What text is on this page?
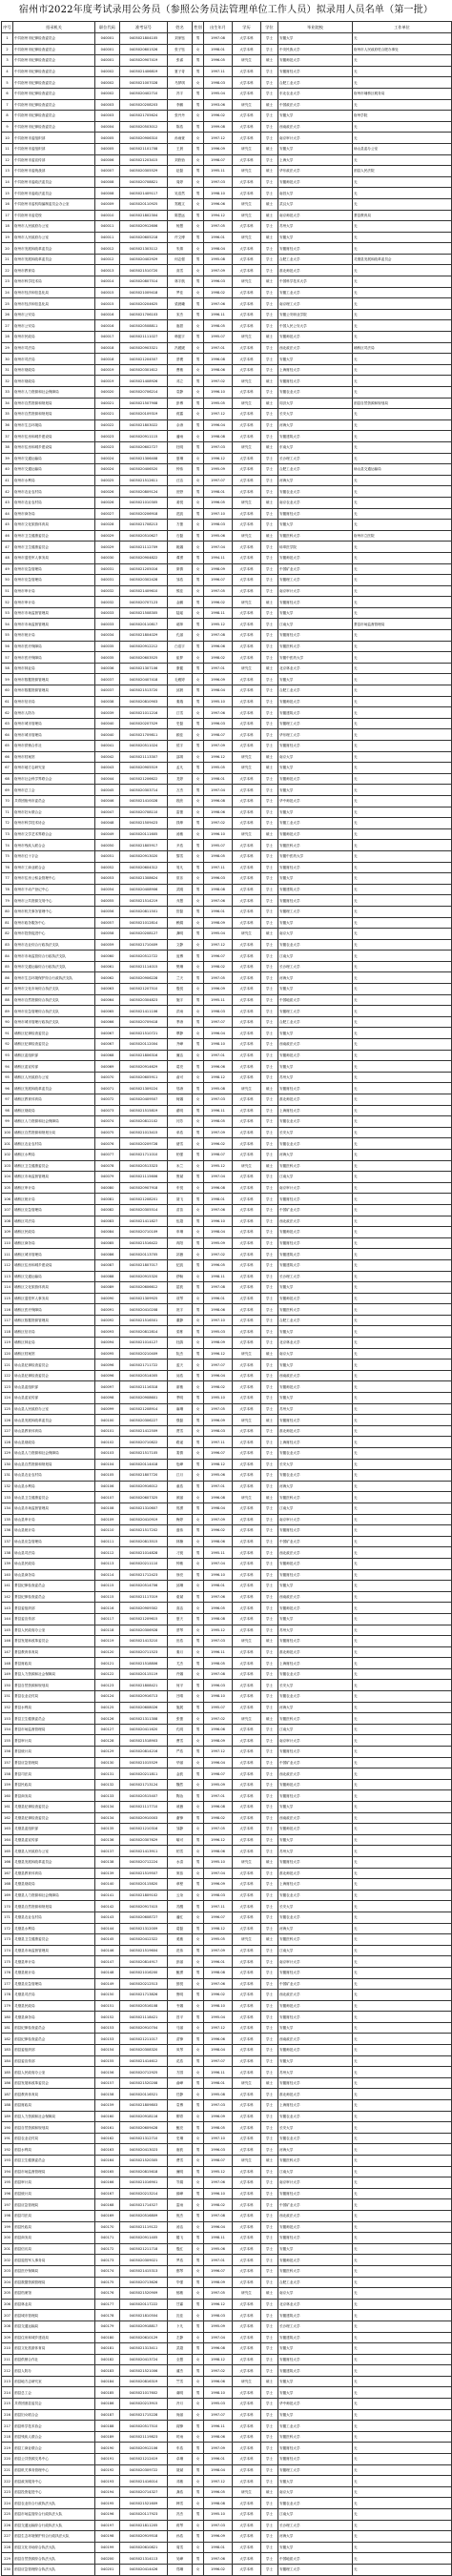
宿州市2022年度考试录用公务员（参照公务员法管理单位工作人员）拟录用人员名单（第一批）
序号	招录机关	职位代码	准考证号	姓名	性别	出生年月	学历	学位	毕业院校	工作单位
1	中共宿州市纪律检查委员会	040001	0405021804105	刘家钰	男	1997.08	大学本科	学士	安徽大学	无
2	中共宿州市纪律检查委员会	040001	0405020601526	张子钰	女	1998.01	大学本科	学士	中央民族大学	宿州市人民政府驻合肥办事处
3	中共宿州市纪律检查委员会	040001	0405020907419	张睿	男	1996.05	研究生	硕士	安徽师范大学	无
4	中共宿州市纪律检查委员会	040002	0405021406819	夏子奇	男	1997.11	大学本科	学士	安徽财经大学	无
5	中共宿州市纪律检查委员会	040002	0405021007028	马梦琪	女	1998.03	大学本科	学士	合肥工业大学	无
6	中共宿州市纪律检查委员会	040002	0405020402710	冯宇	男	1995.04	大学本科	学士	东北农业大学	宿州市埇桥区税务局
7	中共宿州市纪律检查委员会	040003	0405020208203	李鹏	男	1993.06	研究生	硕士	中国政法大学	无
8	中共宿州市纪律检查委员会	040003	0405021705624	张丹丹	女	1996.02	大学本科	学士	安徽大学	宿州学院
9	中共宿州市纪律检查委员会	040004	0405020503012	陈浩	男	1999.08	大学本科	学士	西南政法大学	无
10	中共宿州市委组织部	040005	0405020906310	孙雨萱	女	1997.12	大学本科	学士	南京审计大学	无
11	中共宿州市委组织部	040005	0405021101708	王晨	男	1996.09	研究生	硕士	安徽大学	砀山县委办公室
12	中共宿州市委宣传部	040006	0405021203415	刘欣怡	女	1998.07	大学本科	学士	上海大学	无
13	中共宿州市委统战部	040007	0405020305529	赵磊	男	1995.11	研究生	硕士	华东政法大学	泗县人民法院
14	中共宿州市委政法委员会	040008	0405020708821	周婷	女	1997.03	大学本科	学士	安徽师范大学	无
15	中共宿州市委政法委员会	040008	0405021409117	吴浩然	男	1998.10	大学本科	学士	南昌大学	无
16	中共宿州市委机构编制委员会办公室	040009	0405020110925	郑雅文	女	1996.06	研究生	硕士	武汉大学	无
17	中共宿州市委党校	040010	0405021802304	陈思远	男	1994.12	研究生	硕士	南京师范大学	萧县教育局
18	宿州市人民政府办公室	040011	0405020912606	杨慧	女	1997.05	大学本科	学士	苏州大学	无
19	宿州市人民政府办公室	040011	0405020605218	许文博	男	1996.01	研究生	硕士	安徽大学	无
20	宿州市发展和改革委员会	040012	0405021303112	朱婧	女	1998.04	大学本科	学士	安徽财经大学	无
21	宿州市发展和改革委员会	040012	0405020402929	何志强	男	1995.08	大学本科	学士	合肥工业大学	灵璧县发展和改革委员会
22	宿州市教育局	040013	0405021510720	高雪	女	1997.09	大学本科	学士	淮北师范大学	无
23	宿州市科学技术局	040014	0405020807514	林宇航	男	1996.03	研究生	硕士	中国科学技术大学	无
24	宿州市经济和信息化局	040015	0405021009418	罗佳	女	1998.02	大学本科	学士	安徽工业大学	无
25	宿州市经济和信息化局	040015	0405020204625	梁晨曦	男	1997.06	大学本科	学士	南京理工大学	无
26	宿州市公安局	040016	0405021706103	宋杰	男	1996.11	大学本科	学士	安徽公安职业学院	无
27	宿州市公安局	040016	0405020508811	唐甜	女	1998.05	大学本科	学士	中国人民公安大学	无
28	宿州市民政局	040017	0405021111027	韩振宇	男	1995.07	研究生	硕士	安徽师范大学	无
29	宿州市司法局	040018	0405020903321	冯媛媛	女	1997.01	大学本科	学士	西北政法大学	埇桥区司法局
30	宿州市司法局	040018	0405021204507	蔡俊	男	1996.08	大学本科	学士	安徽大学	无
31	宿州市财政局	040019	0405020301612	曹敏	女	1998.06	大学本科	学士	上海财经大学	无
32	宿州市财政局	040019	0405021408926	邓立	男	1997.02	研究生	硕士	安徽财经大学	无
33	宿州市人力资源和社会保障局	040020	0405020706214	袁静	女	1996.10	大学本科	学士	安徽农业大学	无
34	宿州市自然资源和规划局	040021	0405021507908	彭博	男	1995.05	研究生	硕士	同济大学	泗县自然资源和规划局
35	宿州市自然资源和规划局	040021	0405020109319	蒋露	女	1997.12	大学本科	学士	长安大学	无
36	宿州市生态环境局	040022	0405021803022	余涛	男	1996.04	大学本科	学士	河海大学	无
37	宿州市住房和城乡建设局	040023	0405020911115	潘雨	女	1998.08	大学本科	学士	安徽建筑大学	无
38	宿州市住房和城乡建设局	040023	0405020602727	杜明	男	1997.03	研究生	硕士	东南大学	无
39	宿州市交通运输局	040024	0405021306408	夏琳	女	1996.12	大学本科	学士	长沙理工大学	无
40	宿州市交通运输局	040024	0405020406520	钟伟	男	1995.09	大学本科	学士	合肥工业大学	砀山县交通运输局
41	宿州市水利局	040025	0405021512611	汪洁	女	1997.07	大学本科	学士	河海大学	无
42	宿州市农业农村局	040026	0405020809124	田野	男	1998.01	大学本科	学士	安徽农业大学	无
43	宿州市农业农村局	040026	0405021010305	姜悦	女	1996.05	研究生	硕士	南京农业大学	无
44	宿州市商务局	040027	0405020206918	范凯	男	1997.10	大学本科	学士	安徽财经大学	无
45	宿州市文化旅游体育局	040028	0405021708213	方蕾	女	1998.03	大学本科	学士	安徽大学	无
46	宿州市卫生健康委员会	040029	0405020510627	石磊	男	1995.06	研究生	硕士	安徽医科大学	宿州市立医院
47	宿州市卫生健康委员会	040029	0405021112709	姚娜	女	1997.04	大学本科	学士	蚌埠医学院	无
48	宿州市退役军人事务局	040030	0405020904822	谭勇	男	1994.11	大学本科	学士	安徽师范大学	无
49	宿州市应急管理局	040031	0405021205016	廖倩	女	1998.09	大学本科	学士	中国矿业大学	无
50	宿州市应急管理局	040031	0405020302428	邹浩	男	1996.07	大学本科	学士	安徽理工大学	无
51	宿州市审计局	040032	0405021409610	熊佳	女	1997.05	大学本科	学士	南京审计大学	无
52	宿州市审计局	040032	0405020707123	金鹏	男	1996.02	研究生	硕士	安徽财经大学	无
53	宿州市市场监督管理局	040033	0405021508305	陆瑶	女	1998.11	大学本科	学士	安徽大学	无
54	宿州市市场监督管理局	040033	0405020110817	郝帅	男	1995.12	大学本科	学士	江南大学	萧县市场监督管理局
55	宿州市统计局	040034	0405021804029	孔丽	女	1997.08	大学本科	学士	安徽财经大学	无
56	宿州市医疗保障局	040035	0405020912212	白浩宇	男	1996.06	大学本科	学士	安徽医科大学	无
57	宿州市医疗保障局	040035	0405020603525	崔梦	女	1998.02	大学本科	学士	安徽中医药大学	无
58	宿州市林业局	040036	0405021307106	康健	男	1997.01	研究生	硕士	北京林业大学	无
59	宿州市数据资源管理局	040037	0405020407418	毛雅婷	女	1996.09	大学本科	学士	安徽大学	无
60	宿州市数据资源管理局	040037	0405021513720	邱晨	男	1998.04	大学本科	学士	合肥工业大学	无
61	宿州市信访局	040038	0405020810903	秦瑞	男	1995.10	大学本科	学士	安徽师范大学	无
62	宿州市人防办	040039	0405021011216	江雪	女	1997.06	大学本科	学士	安徽建筑大学	无
63	宿州市城市管理局	040040	0405020207529	史磊	男	1996.03	大学本科	学士	安徽理工大学	无
64	宿州市城市管理局	040040	0405021709811	顾佳	女	1998.07	大学本科	学士	华东理工大学	无
65	宿州市供销合作社	040041	0405020511024	侯宇	男	1997.09	大学本科	学士	安徽财经大学	无
66	宿州市档案馆	040042	0405021113307	邵琪	女	1996.12	研究生	硕士	南京大学	无
67	宿州市地方志研究室	040043	0405020905519	孟凡	男	1995.05	研究生	硕士	安徽大学	无
68	宿州市社会科学界联合会	040044	0405021206622	龙婷	女	1998.01	大学本科	学士	安徽师范大学	无
69	宿州市总工会	040045	0405020303714	万杰	男	1997.04	大学本科	学士	安徽大学	无
70	共青团宿州市委员会	040046	0405021410028	段欣	女	1996.08	大学本科	学士	华中师范大学	无
71	宿州市妇女联合会	040047	0405020708110	雷蕾	女	1998.06	大学本科	学士	安徽大学	无
72	宿州市科学技术协会	040048	0405021509423	钱坤	男	1997.02	大学本科	学士	安徽工业大学	无
73	宿州市文学艺术界联合会	040049	0405020111605	汤敏	女	1996.10	研究生	硕士	安徽师范大学	无
74	宿州市残疾人联合会	040050	0405021805917	尹浩	男	1995.07	大学本科	学士	安徽医科大学	无
75	宿州市红十字会	040051	0405020913020	黎雪	女	1998.05	大学本科	学士	安徽中医药大学	无
76	宿州市工商业联合会	040052	0405020604312	易凡	男	1997.11	大学本科	学士	安徽财经大学	无
77	宿州市住房公积金管理中心	040053	0405021308624	常乐	女	1996.03	大学本科	学士	安徽大学	无
78	宿州市不动产登记中心	040054	0405020408906	武刚	男	1998.08	大学本科	学士	安徽建筑大学	无
79	宿州市公共资源交易中心	040055	0405021514219	乔慧	女	1997.06	大学本科	学士	安徽财经大学	无
80	宿州市机关事务管理中心	040056	0405020811501	贺磊	男	1996.01	大学本科	学士	安徽理工大学	无
81	宿州市政务服务中心	040057	0405021012814	赖娟	女	1998.09	大学本科	学士	安徽大学	无
82	宿州市投资促进中心	040058	0405020208127	龚明	男	1995.04	研究生	硕士	南京大学	无
83	宿州市农业综合行政执法支队	040059	0405021710409	文静	女	1997.12	大学本科	学士	安徽农业大学	无
84	宿州市市场监管综合行政执法支队	040060	0405020512722	庞博	男	1996.07	大学本科	学士	江南大学	无
85	宿州市交通运输综合行政执法支队	040061	0405021114015	樊琳	女	1998.02	大学本科	学士	长沙理工大学	无
86	宿州市生态环境保护综合行政执法支队	040062	0405020906228	兰天	男	1997.05	大学本科	学士	河海大学	无
87	宿州市文化市场综合执法支队	040063	0405021207510	殷悦	女	1996.09	大学本科	学士	安徽大学	无
88	宿州市自然资源综合执法支队	040064	0405020304823	施宇	男	1995.11	大学本科	学士	中国地质大学	无
89	宿州市应急管理综合执法支队	040065	0405021411106	洪雨	女	1998.03	大学本科	学士	安徽理工大学	无
90	宿州市城市管理行政执法支队	040066	0405020709418	季涛	男	1997.07	大学本科	学士	合肥工业大学	无
91	埇桥区纪律检查委员会	040067	0405021510721	覃静	女	1996.04	大学本科	学士	安徽大学	无
92	埇桥区纪律检查委员会	040067	0405020112004	齐峰	男	1998.10	大学本科	学士	西南政法大学	无
93	埇桥区委组织部	040068	0405021806316	廉洁	女	1997.01	大学本科	学士	安徽师范大学	无
94	埇桥区委宣传部	040069	0405020914629	葛亮	男	1996.06	大学本科	学士	安徽大学	无
95	埇桥区人民政府办公室	040070	0405020605911	俞可	女	1998.12	大学本科	学士	苏州大学	无
96	埇桥区发展和改革委员会	040071	0405021309224	邬涛	男	1995.08	研究生	硕士	安徽财经大学	无
97	埇桥区教育体育局	040072	0405020409507	柯娜	女	1997.03	大学本科	学士	淮北师范大学	无
98	埇桥区财政局	040073	0405021515819	翟明	男	1996.11	大学本科	学士	上海财经大学	无
99	埇桥区人力资源和社会保障局	040074	0405020812102	闫芳	女	1998.05	大学本科	学士	安徽农业大学	无
100	埇桥区自然资源和规划分局	040075	0405021013415	单浩	男	1997.09	大学本科	学士	长安大学	无
101	埇桥区农业农村局	040076	0405020209728	褚雪	女	1996.02	大学本科	学士	安徽农业大学	无
102	埇桥区水利局	040077	0405021711010	柏强	男	1998.07	大学本科	学士	河海大学	无
103	埇桥区卫生健康委员会	040078	0405020513323	米兰	女	1995.12	研究生	硕士	安徽医科大学	无
104	埇桥区市场监督管理局	040079	0405021115606	鲁斌	男	1997.04	大学本科	学士	江南大学	无
105	埇桥区审计局	040080	0405020907918	车悦	女	1996.08	大学本科	学士	南京审计大学	无
106	埇桥区统计局	040081	0405021208201	聂飞	男	1998.01	大学本科	学士	安徽财经大学	无
107	埇桥区应急管理局	040082	0405020305514	苗苗	女	1997.06	大学本科	学士	中国矿业大学	无
108	埇桥区司法局	040083	0405021411827	伍超	男	1996.10	大学本科	学士	西北政法大学	无
109	埇桥区民政局	040084	0405020710109	申琳	女	1998.04	大学本科	学士	安徽师范大学	无
110	埇桥区商务局	040085	0405021516422	冉阳	男	1995.09	大学本科	学士	安徽财经大学	无
111	埇桥区城市管理局	040086	0405020113705	祁薇	女	1997.02	大学本科	学士	安徽建筑大学	无
112	埇桥区住房和城乡建设局	040087	0405021807017	纪凯	男	1996.05	大学本科	学士	安徽建筑大学	无
113	埇桥区交通运输局	040088	0405020915320	舒畅	女	1998.11	大学本科	学士	长沙理工大学	无
114	埇桥区文化旅游体育局	040089	0405020606612	屈波	男	1997.08	大学本科	学士	安徽大学	无
115	埇桥区退役军人事务局	040090	0405021309925	项琴	女	1996.01	大学本科	学士	安徽师范大学	无
116	埇桥区医疗保障局	040091	0405020410208	祝宇	男	1998.06	大学本科	学士	安徽医科大学	无
117	埇桥区数据资源管理局	040092	0405021516501	董静	女	1997.10	大学本科	学士	合肥工业大学	无
118	埇桥区信访局	040093	0405020812814	梁栋	男	1995.03	大学本科	学士	安徽大学	无
119	埇桥区林业局	040094	0405021014127	杜鹃	女	1998.09	大学本科	学士	北京林业大学	无
120	埇桥区档案馆	040095	0405020210409	阮杰	男	1996.12	研究生	硕士	南京大学	无
121	砀山县纪律检查委员会	040096	0405021711722	蓝天	女	1997.07	大学本科	学士	安徽大学	无
122	砀山县纪律检查委员会	040096	0405020514005	闵浩	男	1996.04	大学本科	学士	西南政法大学	无
123	砀山县委组织部	040097	0405021116318	席敏	女	1998.02	大学本科	学士	安徽师范大学	无
124	砀山县委宣传部	040098	0405020908601	季明	男	1995.10	大学本科	学士	安徽大学	无
125	砀山县人民政府办公室	040099	0405021208914	麻琳	女	1997.05	大学本科	学士	苏州大学	无
126	砀山县发展和改革委员会	040100	0405020306227	强磊	男	1996.09	研究生	硕士	安徽财经大学	无
127	砀山县教育体育局	040101	0405021412509	贾雪	女	1998.03	大学本科	学士	淮北师范大学	无
128	砀山县财政局	040102	0405020710822	路遥	男	1997.11	大学本科	学士	上海财经大学	无
129	砀山县人力资源和社会保障局	040103	0405021517105	娄倩	女	1996.07	大学本科	学士	安徽农业大学	无
130	砀山县自然资源和规划局	040104	0405020114418	危峰	男	1998.12	大学本科	学士	长安大学	无
131	砀山县农业农村局	040105	0405021807720	江月	女	1995.06	大学本科	学士	安徽农业大学	无
132	砀山县水利局	040106	0405020916012	童浩	男	1997.01	大学本科	学士	河海大学	无
133	砀山县卫生健康委员会	040107	0405020607325	颜丽	女	1996.08	研究生	硕士	安徽医科大学	无
134	砀山县市场监督管理局	040108	0405021310607	郭勇	男	1998.04	大学本科	学士	江南大学	无
135	砀山县审计局	040109	0405020410919	梅婷	女	1997.09	大学本科	学士	南京审计大学	无
136	砀山县统计局	040110	0405021517202	盛伟	男	1996.02	大学本科	学士	安徽财经大学	无
137	砀山县应急管理局	040111	0405020813515	林楠	女	1998.06	大学本科	学士	中国矿业大学	无
138	砀山县司法局	040112	0405021014828	刁锐	男	1995.11	大学本科	学士	西北政法大学	无
139	砀山县民政局	040113	0405020211110	钟敏	女	1997.04	大学本科	学士	安徽师范大学	无
140	砀山县商务局	040114	0405021712423	徐亮	男	1996.10	大学本科	学士	安徽财经大学	无
141	萧县纪律检查委员会	040115	0405020514706	邱琳	女	1998.01	大学本科	学士	安徽大学	无
142	萧县纪律检查委员会	040115	0405021117019	骆斌	男	1997.06	大学本科	学士	西南政法大学	无
143	萧县委组织部	040116	0405020909302	高洁	女	1996.05	大学本科	学士	安徽师范大学	无
144	萧县委宣传部	040117	0405021209615	夏天	男	1998.08	大学本科	学士	安徽大学	无
145	萧县人民政府办公室	040118	0405020306928	蔡琴	女	1995.12	大学本科	学士	苏州大学	无
146	萧县发展和改革委员会	040119	0405021413210	田浩	男	1997.03	研究生	硕士	安徽财经大学	无
147	萧县教育体育局	040120	0405020711523	秦月	女	1996.11	大学本科	学士	淮北师范大学	无
148	萧县财政局	040121	0405021518806	尤杰	男	1998.05	大学本科	学士	上海财经大学	无
149	萧县人力资源和社会保障局	040122	0405020115119	许娜	女	1997.08	大学本科	学士	安徽农业大学	无
150	萧县自然资源和规划局	040123	0405021808421	何平	男	1996.03	大学本科	学士	长安大学	无
151	萧县农业农村局	040124	0405020916713	吕晴	女	1998.10	大学本科	学士	安徽农业大学	无
152	萧县水利局	040125	0405020608026	施展	男	1995.07	大学本科	学士	河海大学	无
153	萧县卫生健康委员会	040126	0405021311308	张蕾	女	1997.02	研究生	硕士	安徽医科大学	无
154	萧县市场监督管理局	040127	0405020411620	孔明	男	1996.06	大学本科	学士	江南大学	无
155	萧县审计局	040128	0405021518903	曹雪	女	1998.09	大学本科	学士	南京审计大学	无
156	萧县统计局	040129	0405020814216	严浩	男	1997.12	大学本科	学士	安徽财经大学	无
157	萧县应急管理局	040130	0405021015529	华丽	女	1996.04	大学本科	学士	中国矿业大学	无
158	萧县司法局	040131	0405020211811	金波	男	1998.07	大学本科	学士	西北政法大学	无
159	萧县民政局	040132	0405021713124	魏然	女	1995.09	大学本科	学士	安徽师范大学	无
160	萧县商务局	040133	0405020515407	陶冶	男	1997.01	大学本科	学士	安徽财经大学	无
161	灵璧县纪律检查委员会	040134	0405021117710	戚薇	女	1996.08	大学本科	学士	安徽大学	无
162	灵璧县纪律检查委员会	040134	0405020910003	谢锋	男	1998.02	大学本科	学士	西南政法大学	无
163	灵璧县委组织部	040135	0405021210316	邹静	女	1997.05	大学本科	学士	安徽师范大学	无
164	灵璧县委宣传部	040136	0405020307629	喻可	男	1996.12	大学本科	学士	安徽大学	无
165	灵璧县人民政府办公室	040137	0405021413911	柏雪	女	1998.06	大学本科	学士	苏州大学	无
166	灵璧县发展和改革委员会	040138	0405020712224	水清	男	1995.10	研究生	硕士	安徽财经大学	无
167	灵璧县教育体育局	040139	0405021519507	窦蕊	女	1997.04	大学本科	学士	淮北师范大学	无
168	灵璧县财政局	040140	0405020115820	章程	男	1996.09	大学本科	学士	上海财经大学	无
169	灵璧县人力资源和社会保障局	040141	0405021809102	云朵	女	1998.03	大学本科	学士	安徽农业大学	无
170	灵璧县自然资源和规划局	040142	0405020917415	苏醒	男	1997.11	大学本科	学士	长安大学	无
171	灵璧县农业农村局	040143	0405020608727	潘红	女	1996.07	大学本科	学士	安徽农业大学	无
172	灵璧县水利局	040144	0405021312009	葛磊	男	1998.12	大学本科	学士	河海大学	无
173	灵璧县卫生健康委员会	040145	0405020412322	奚敏	女	1995.05	研究生	硕士	安徽医科大学	无
174	灵璧县市场监督管理局	040146	0405021519604	范伟	男	1997.09	大学本科	学士	江南大学	无
175	灵璧县审计局	040147	0405020814917	彭丽	女	1996.01	大学本科	学士	南京审计大学	无
176	灵璧县统计局	040148	0405021016200	鲍勇	男	1998.08	大学本科	学士	安徽财经大学	无
177	灵璧县应急管理局	040149	0405020212513	郎悦	女	1997.06	大学本科	学士	中国矿业大学	无
178	灵璧县司法局	040150	0405021713826	鲁明	男	1996.02	大学本科	学士	西北政法大学	无
179	灵璧县民政局	040151	0405020516108	韦娜	女	1998.10	大学本科	学士	安徽师范大学	无
180	灵璧县商务局	040152	0405021118421	昌平	男	1995.04	大学本科	学士	安徽财经大学	无
181	泗县纪律检查委员会	040153	0405020910704	马丽	女	1997.12	大学本科	学士	安徽大学	无
182	泗县纪律检查委员会	040153	0405021211017	苗锋	男	1996.06	大学本科	学士	西南政法大学	无
183	泗县委组织部	040154	0405020308320	凤琴	女	1998.04	大学本科	学士	安徽师范大学	无
184	泗县委宣传部	040155	0405021414612	花浩	男	1997.07	大学本科	学士	安徽大学	无
185	泗县人民政府办公室	040156	0405020712925	方园	女	1996.11	大学本科	学士	苏州大学	无
186	泗县发展和改革委员会	040157	0405021520208	俞峰	男	1998.01	研究生	硕士	安徽财经大学	无
187	泗县教育体育局	040158	0405020116521	任静	女	1995.08	大学本科	学士	淮北师范大学	无
188	泗县财政局	040159	0405021809803	袁博	男	1997.03	大学本科	学士	上海财经大学	无
189	泗县人力资源和社会保障局	040160	0405020918116	柳青	女	1996.09	大学本科	学士	安徽农业大学	无
190	泗县自然资源和规划局	040161	0405020609428	鲍亮	男	1998.05	大学本科	学士	长安大学	无
191	泗县农业农村局	040162	0405021312710	史琳	女	1997.10	大学本科	学士	安徽农业大学	无
192	泗县水利局	040163	0405020413023	唐波	男	1996.03	大学本科	学士	河海大学	无
193	泗县卫生健康委员会	040164	0405021520305	费雪	女	1998.07	研究生	硕士	安徽医科大学	无
194	泗县市场监督管理局	040165	0405020815618	廉明	男	1995.12	大学本科	学士	江南大学	无
195	泗县审计局	040166	0405021016901	岑娟	女	1997.06	大学本科	学士	南京审计大学	无
196	泗县统计局	040167	0405020213214	薛峰	男	1996.10	大学本科	学士	安徽财经大学	无
197	泗县应急管理局	040168	0405021714527	雷雨	女	1998.02	大学本科	学士	中国矿业大学	无
198	泗县司法局	040169	0405020516809	倪杰	男	1997.08	大学本科	学士	西北政法大学	无
199	泗县民政局	040170	0405021119122	汤洁	女	1996.04	大学本科	学士	安徽师范大学	无
200	泗县商务局	040171	0405020911405	滕飞	男	1998.11	大学本科	学士	安徽财经大学	无
201	泗县信访局	040172	0405021211718	殷红	女	1995.06	大学本科	学士	安徽大学	无
202	泗县退役军人事务局	040173	0405020309021	罗浩	男	1997.01	大学本科	学士	安徽师范大学	无
203	泗县医疗保障局	040174	0405021415313	鄢琴	女	1996.07	大学本科	学士	安徽医科大学	无
204	泗县数据资源管理局	040175	0405020713626	毕强	男	1998.09	大学本科	学士	合肥工业大学	无
205	泗县档案馆	040176	0405021520909	郁敏	女	1997.05	研究生	硕士	南京大学	无
206	泗县林业局	040177	0405020117222	甘霖	男	1996.12	大学本科	学士	北京林业大学	无
207	泗县城市管理局	040178	0405021810504	沈佳	女	1998.03	大学本科	学士	安徽建筑大学	无
208	泗县交通运输局	040179	0405020918817	卜凡	男	1995.09	大学本科	学士	长沙理工大学	无
209	泗县住房和城乡建设局	040180	0405020610129	左静	女	1997.04	大学本科	学士	安徽建筑大学	无
210	泗县文化旅游体育局	040181	0405021313411	武超	男	1996.08	大学本科	学士	安徽大学	无
211	泗县供销合作社	040182	0405020413724	全慧	女	1998.12	大学本科	学士	安徽财经大学	无
212	泗县人防办	040183	0405021521006	蒲杰	男	1997.02	大学本科	学士	安徽建筑大学	无
213	泗县地方志研究室	040184	0405020816319	竺雪	女	1996.06	研究生	硕士	安徽大学	无
214	泗县总工会	040185	0405021017602	虞明	男	1998.10	大学本科	学士	安徽大学	无
215	共青团泗县委员会	040186	0405020213915	冷月	女	1995.03	大学本科	学士	华中师范大学	无
216	泗县妇女联合会	040187	0405021715228	尚丽	女	1997.07	大学本科	学士	安徽大学	无
217	泗县科学技术协会	040188	0405020517510	阎锋	男	1996.11	大学本科	学士	安徽工业大学	无
218	泗县残疾人联合会	040189	0405021119823	时雨	女	1998.06	大学本科	学士	安徽医科大学	无
219	泗县工商业联合会	040190	0405020912106	车浩	男	1997.09	大学本科	学士	安徽财经大学	无
220	泗县公共资源交易中心	040191	0405021212419	卓琳	女	1996.01	大学本科	学士	安徽财经大学	无
221	泗县机关事务管理中心	040192	0405020309722	聂斌	男	1998.04	大学本科	学士	安徽理工大学	无
222	泗县政务服务中心	040193	0405021416014	邓敏	女	1997.12	大学本科	学士	安徽大学	无
223	泗县投资促进中心	040194	0405020714327	龚浩	男	1996.05	研究生	硕士	南京大学	无
224	泗县农业综合行政执法大队	040195	0405021521609	韩雪	女	1998.08	大学本科	学士	安徽农业大学	无
225	泗县市场监管综合行政执法大队	040196	0405020117923	冯杰	男	1995.10	大学本科	学士	江南大学	无
226	泗县交通运输综合行政执法大队	040197	0405021811205	蒋琴	女	1997.03	大学本科	学士	长沙理工大学	无
227	泗县生态环境保护综合行政执法大队	040198	0405020919518	孙浩	男	1996.09	大学本科	学士	河海大学	无
228	泗县文化市场综合执法大队	040199	0405020610821	周雪	女	1998.01	大学本科	学士	安徽大学	无
229	泗县自然资源综合执法大队	040200	0405021314113	吴峰	男	1997.06	大学本科	学士	中国地质大学	无
230	泗县应急管理综合执法大队	040201	0405020414426	郑琳	女	1996.02	大学本科	学士	安徽理工大学	无
